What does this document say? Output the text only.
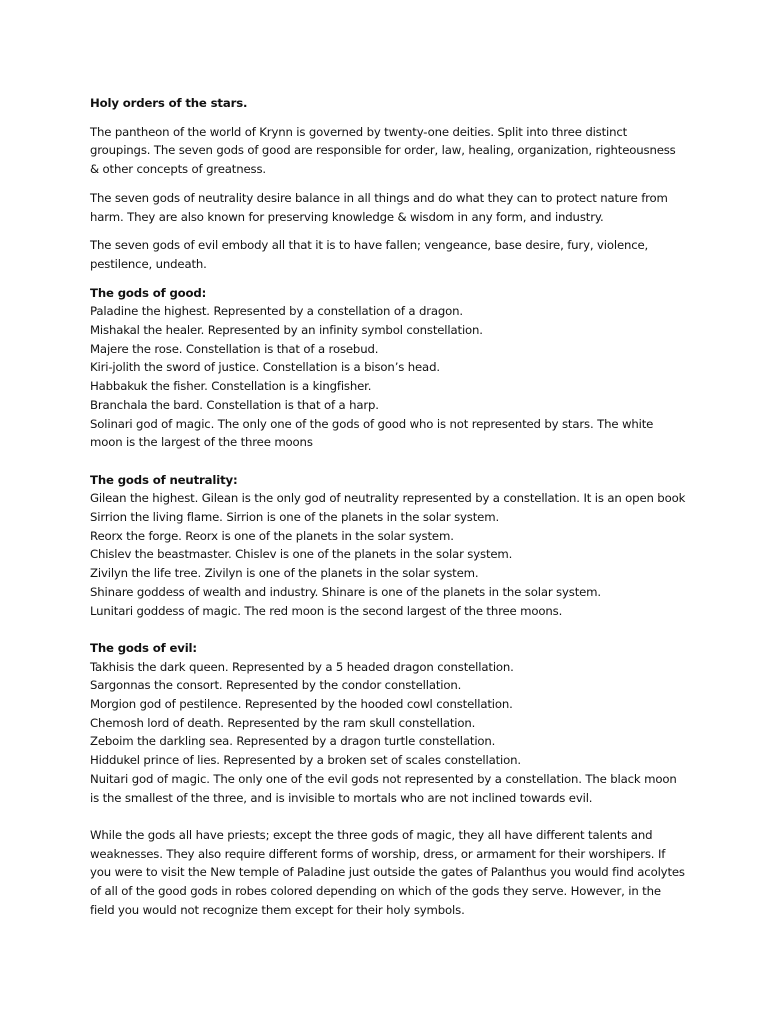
Holy orders of the stars.
The pantheon of the world of Krynn is governed by twenty-one deities. Split into three distinct groupings. The seven gods of good are responsible for order, law, healing, organization, righteousness & other concepts of greatness.
The seven gods of neutrality desire balance in all things and do what they can to protect nature from harm. They are also known for preserving knowledge & wisdom in any form, and industry.
The seven gods of evil embody all that it is to have fallen; vengeance, base desire, fury, violence, pestilence, undeath.
The gods of good:
Paladine the highest. Represented by a constellation of a dragon.
Mishakal the healer. Represented by an infinity symbol constellation.
Majere the rose. Constellation is that of a rosebud.
Kiri-jolith the sword of justice. Constellation is a bison’s head.
Habbakuk the fisher. Constellation is a kingfisher.
Branchala the bard. Constellation is that of a harp.
Solinari god of magic. The only one of the gods of good who is not represented by stars. The white moon is the largest of the three moons
The gods of neutrality:
Gilean the highest. Gilean is the only god of neutrality represented by a constellation. It is an open book
Sirrion the living flame. Sirrion is one of the planets in the solar system.
Reorx the forge. Reorx is one of the planets in the solar system.
Chislev the beastmaster. Chislev is one of the planets in the solar system.
Zivilyn the life tree. Zivilyn is one of the planets in the solar system.
Shinare goddess of wealth and industry. Shinare is one of the planets in the solar system.
Lunitari goddess of magic. The red moon is the second largest of the three moons.
The gods of evil:
Takhisis the dark queen. Represented by a 5 headed dragon constellation.
Sargonnas the consort. Represented by the condor constellation.
Morgion god of pestilence. Represented by the hooded cowl constellation.
Chemosh lord of death. Represented by the ram skull constellation.
Zeboim the darkling sea. Represented by a dragon turtle constellation.
Hiddukel prince of lies. Represented by a broken set of scales constellation.
Nuitari god of magic. The only one of the evil gods not represented by a constellation. The black moon is the smallest of the three, and is invisible to mortals who are not inclined towards evil.
While the gods all have priests; except the three gods of magic, they all have different talents and weaknesses. They also require different forms of worship, dress, or armament for their worshipers. If you were to visit the New temple of Paladine just outside the gates of Palanthus you would find acolytes of all of the good gods in robes colored depending on which of the gods they serve. However, in the field you would not recognize them except for their holy symbols.
